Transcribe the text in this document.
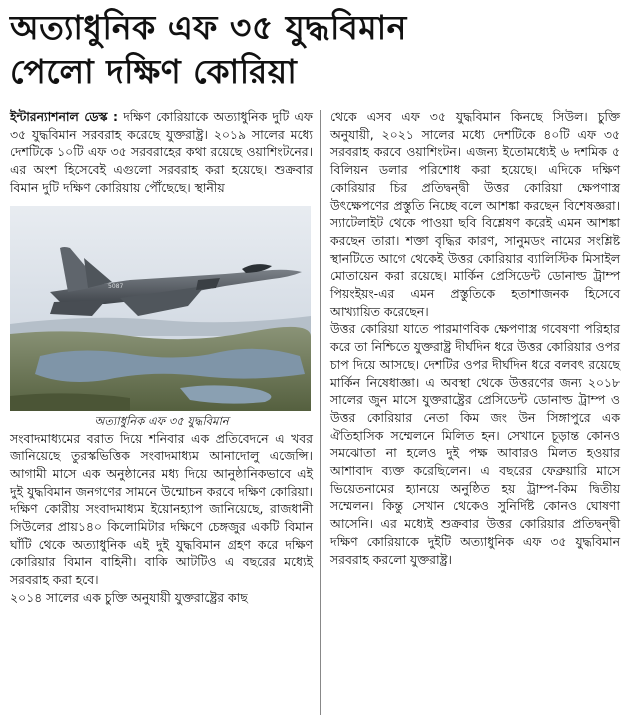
অত্যাধুনিক এফ ৩৫ যুদ্ধবিমান
পেলো দক্ষিণ কোরিয়া

ইন্টারন্যাশনাল ডেস্ক : দক্ষিণ কোরিয়াকে অত্যাধুনিক দুটি এফ ৩৫ যুদ্ধবিমান সরবরাহ করেছে যুক্তরাষ্ট্র। ২০১৯ সালের মধ্যে দেশটিকে ১০টি এফ ৩৫ সরবরাহের কথা রয়েছে ওয়াশিংটনের। এর অংশ হিসেবেই এগুলো সরবরাহ করা হয়েছে। শুক্রবার বিমান দুটি দক্ষিণ কোরিয়ায় পৌঁছেছে। স্থানীয়

5087

অত্যাধুনিক এফ ৩৫ যুদ্ধবিমান

সংবাদমাধ্যমের বরাত দিয়ে শনিবার এক প্রতিবেদনে এ খবর জানিয়েছে তুরস্কভিত্তিক সংবাদমাধ্যম আনাদোলু এজেন্সি। আগামী মাসে এক অনুষ্ঠানের মধ্য দিয়ে আনুষ্ঠানিকভাবে এই দুই যুদ্ধবিমান জনগণের সামনে উন্মোচন করবে দক্ষিণ কোরিয়া। দক্ষিণ কোরীয় সংবাদমাধ্যম ইয়োনহ্যাপ জানিয়েছে, রাজধানী সিউলের প্রায়১৪০ কিলোমিটার দক্ষিণে চেঙ্গজুর একটি বিমান ঘাঁটি থেকে অত্যাধুনিক এই দুই যুদ্ধবিমান গ্রহণ করে দক্ষিণ কোরিয়ার বিমান বাহিনী। বাকি আটটিও এ বছরের মধ্যেই সরবরাহ করা হবে।

২০১৪ সালের এক চুক্তি অনুযায়ী যুক্তরাষ্ট্রের কাছ

থেকে এসব এফ ৩৫ যুদ্ধবিমান কিনছে সিউল। চুক্তি অনুযায়ী, ২০২১ সালের মধ্যে দেশটিকে ৪০টি এফ ৩৫ সরবরাহ করবে ওয়াশিংটন। এজন্য ইতোমধ্যেই ৬ দশমিক ৫ বিলিয়ন ডলার পরিশোধ করা হয়েছে। এদিকে দক্ষিণ কোরিয়ার চির প্রতিদ্বন্দ্বী উত্তর কোরিয়া ক্ষেপণাস্ত্র উৎক্ষেপণের প্রস্তুতি নিচ্ছে বলে আশঙ্কা করছেন বিশেষজ্ঞরা। স্যাটেলাইট থেকে পাওয়া ছবি বিশ্লেষণ করেই এমন আশঙ্কা করছেন তারা। শক্তা বৃদ্ধির কারণ, সানুমডং নামের সংশ্লিষ্ট স্থানটিতে আগে থেকেই উত্তর কোরিয়ার ব্যালিস্টিক মিসাইল মোতায়েন করা রয়েছে। মার্কিন প্রেসিডেন্ট ডোনাল্ড ট্রাম্প পিয়ংইয়ং-এর এমন প্রস্তুতিকে হতাশাজনক হিসেবে আখ্যায়িত করেছেন।

উত্তর কোরিয়া যাতে পারমাণবিক ক্ষেপণাস্ত্র গবেষণা পরিহার করে তা নিশ্চিতে যুক্তরাষ্ট্র দীর্ঘদিন ধরে উত্তর কোরিয়ার ওপর চাপ দিয়ে আসছে। দেশটির ওপর দীর্ঘদিন ধরে বলবৎ রয়েছে মার্কিন নিষেধাজ্ঞা। এ অবস্থা থেকে উত্তরণের জন্য ২০১৮ সালের জুন মাসে যুক্তরাষ্ট্রের প্রেসিডেন্ট ডোনাল্ড ট্রাম্প ও উত্তর কোরিয়ার নেতা কিম জং উন সিঙ্গাপুরে এক ঐতিহাসিক সম্মেলনে মিলিত হন। সেখানে চূড়ান্ত কোনও সমঝোতা না হলেও দুই পক্ষ আবারও মিলত হওয়ার আশাবাদ ব্যক্ত করেছিলেন। এ বছরের ফেব্রুয়ারি মাসে ভিয়েতনামের হ্যানয়ে অনুষ্ঠিত হয় ট্রাম্প-কিম দ্বিতীয় সম্মেলন। কিন্তু সেখান থেকেও সুনির্দিষ্ট কোনও ঘোষণা আসেনি। এর মধ্যেই শুক্রবার উত্তর কোরিয়ার প্রতিদ্বন্দ্বী দক্ষিণ কোরিয়াকে দুইটি অত্যাধুনিক এফ ৩৫ যুদ্ধবিমান সরবরাহ করলো যুক্তরাষ্ট্র।
